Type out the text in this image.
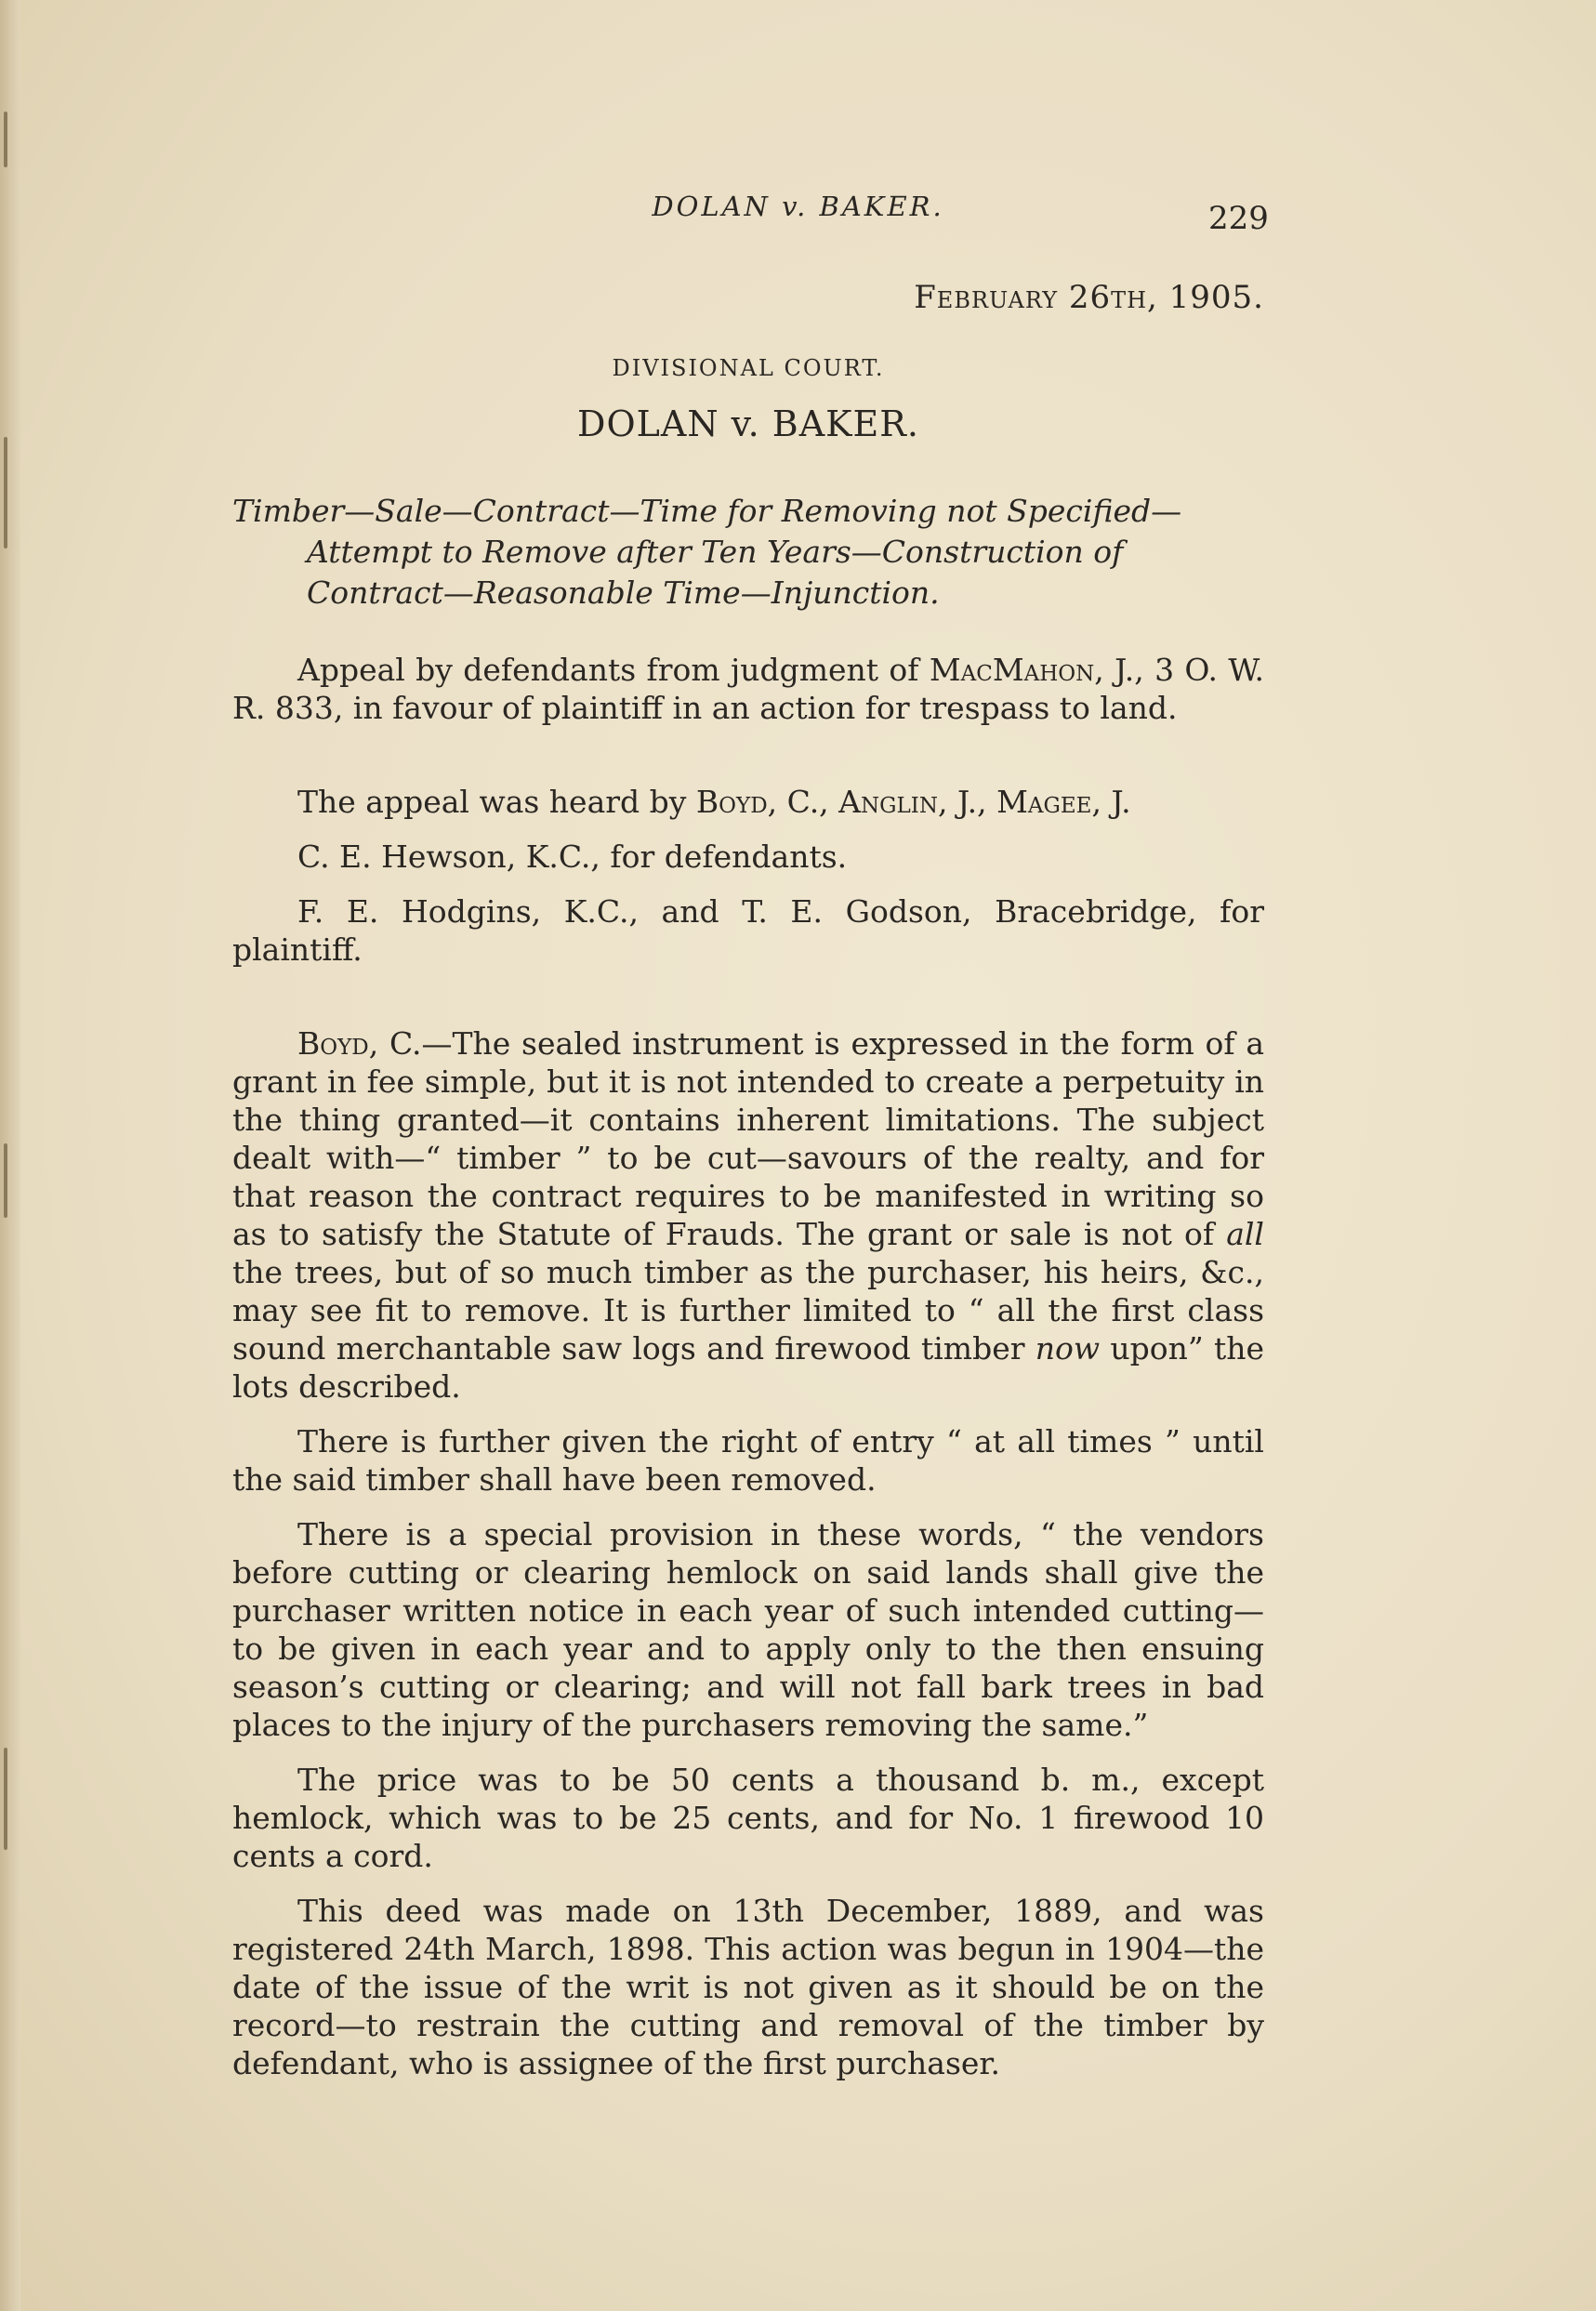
DOLAN v. BAKER.	229

February 26th, 1905.

DIVISIONAL COURT.

DOLAN v. BAKER.

Timber—Sale—Contract—Time for Removing not Specified—Attempt to Remove after Ten Years—Construction of Contract—Reasonable Time—Injunction.

Appeal by defendants from judgment of MacMahon, J., 3 O. W. R. 833, in favour of plaintiff in an action for trespass to land.

The appeal was heard by Boyd, C., Anglin, J., Magee, J.

C. E. Hewson, K.C., for defendants.

F. E. Hodgins, K.C., and T. E. Godson, Bracebridge, for plaintiff.

Boyd, C.—The sealed instrument is expressed in the form of a grant in fee simple, but it is not intended to create a perpetuity in the thing granted—it contains inherent limitations. The subject dealt with—“ timber ” to be cut—savours of the realty, and for that reason the contract requires to be manifested in writing so as to satisfy the Statute of Frauds. The grant or sale is not of all the trees, but of so much timber as the purchaser, his heirs, &c., may see fit to remove. It is further limited to “ all the first class sound merchantable saw logs and firewood timber now upon” the lots described.

There is further given the right of entry “ at all times ” until the said timber shall have been removed.

There is a special provision in these words, “ the vendors before cutting or clearing hemlock on said lands shall give the purchaser written notice in each year of such intended cutting—to be given in each year and to apply only to the then ensuing season’s cutting or clearing; and will not fall bark trees in bad places to the injury of the purchasers removing the same.”

The price was to be 50 cents a thousand b. m., except hemlock, which was to be 25 cents, and for No. 1 firewood 10 cents a cord.

This deed was made on 13th December, 1889, and was registered 24th March, 1898. This action was begun in 1904—the date of the issue of the writ is not given as it should be on the record—to restrain the cutting and removal of the timber by defendant, who is assignee of the first purchaser.
